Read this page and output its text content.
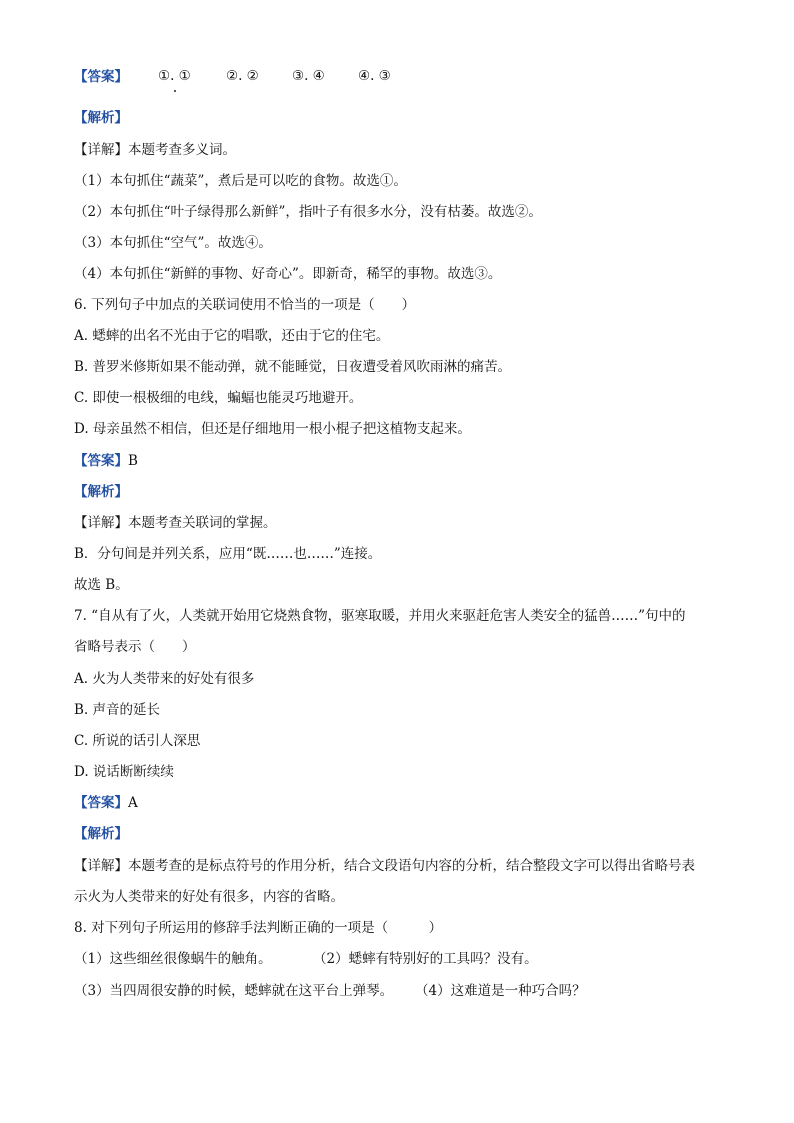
【答案】 ①. ①	②. ② ③. ④ ④. ③
【解析】
【详解】本题考查多义词。
（1）本句抓住“蔬菜”，煮后是可以吃的食物。故选①。
（2）本句抓住“叶子绿得那么新鲜”，指叶子有很多水分，没有枯萎。故选②。
（3）本句抓住“空气”。故选④。
（4）本句抓住“新鲜的事物、好奇心”。即新奇，稀罕的事物。故选③。
6. 下列句子中加点的关联词使用不恰当的一项是（　　）
A. 蟋蟀的出名不光由于它的唱歌，还由于它的住宅。
B. 普罗米修斯如果不能动弹，就不能睡觉，日夜遭受着风吹雨淋的痛苦。
C. 即使一根极细的电线，蝙蝠也能灵巧地避开。
D. 母亲虽然不相信，但还是仔细地用一根小棍子把这植物支起来。
【答案】B
【解析】
【详解】本题考查关联词的掌握。
B．分句间是并列关系，应用“既……也……”连接。
故选 B。
7. “自从有了火，人类就开始用它烧熟食物，驱寒取暖，并用火来驱赶危害人类安全的猛兽……”句中的
省略号表示（　　）
A. 火为人类带来的好处有很多
B. 声音的延长
C. 所说的话引人深思
D. 说话断断续续
【答案】A
【解析】
【详解】本题考查的是标点符号的作用分析，结合文段语句内容的分析，结合整段文字可以得出省略号表
示火为人类带来的好处有很多，内容的省略。
8. 对下列句子所运用的修辞手法判断正确的一项是（　　　）
（1）这些细丝很像蜗牛的触角。	（2）蟋蟀有特别好的工具吗？没有。
（3）当四周很安静的时候，蟋蟀就在这平台上弹琴。 （4）这难道是一种巧合吗？
